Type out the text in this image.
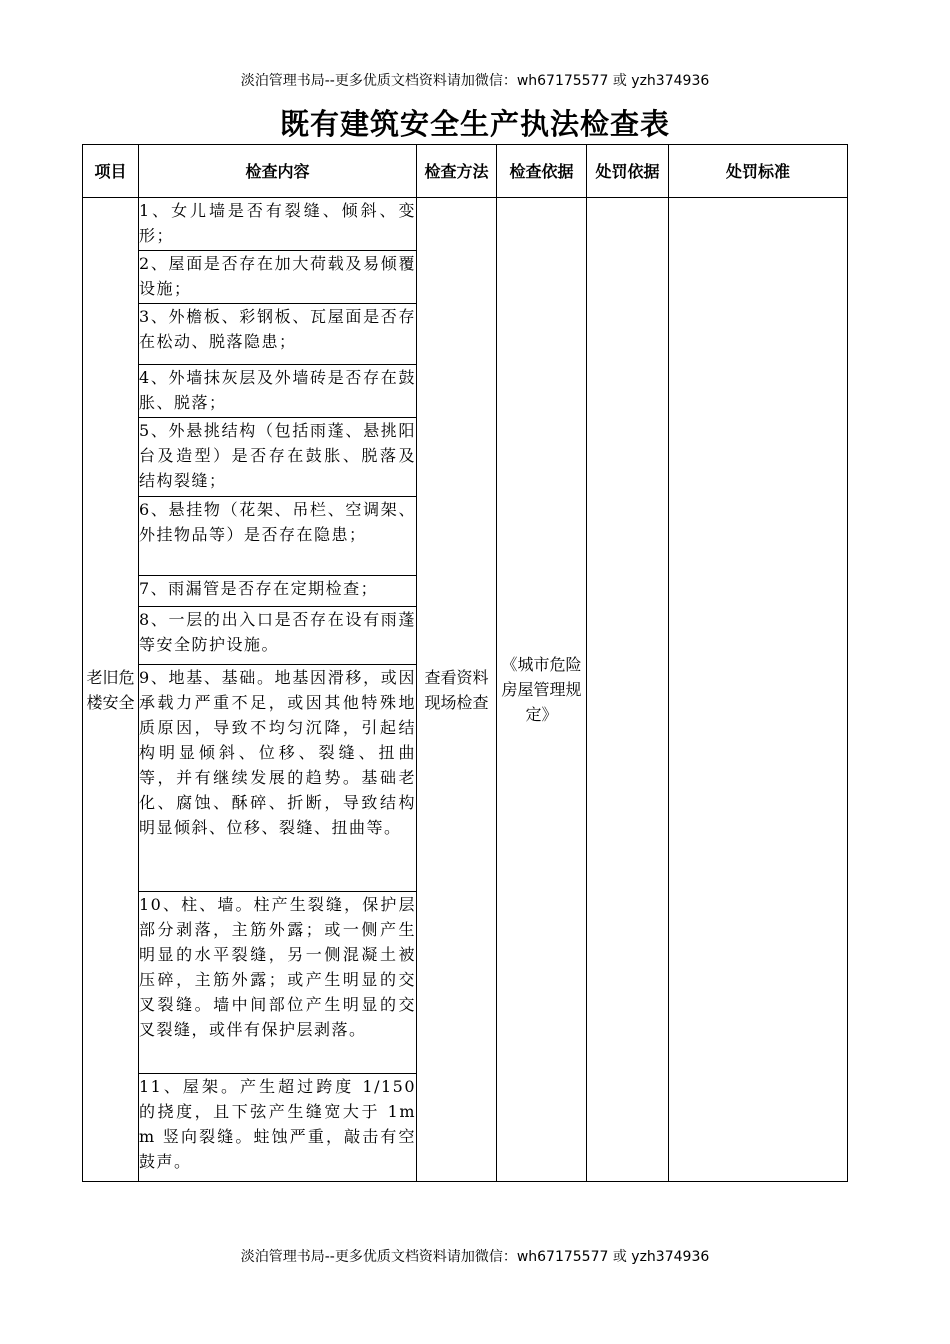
淡泊管理书局--更多优质文档资料请加微信：wh67175577 或 yzh374936
既有建筑安全生产执法检查表
项目	检查内容	检查方法	检查依据	处罚依据	处罚标准
老旧危楼安全	1、女儿墙是否有裂缝、倾斜、变形；	查看资料现场检查	《城市危险房屋管理规定》		
	2、屋面是否存在加大荷载及易倾覆设施；				
	3、外檐板、彩钢板、瓦屋面是否存在松动、脱落隐患；				
	4、外墙抹灰层及外墙砖是否存在鼓胀、脱落；				
	5、外悬挑结构（包括雨蓬、悬挑阳台及造型）是否存在鼓胀、脱落及结构裂缝；				
	6、悬挂物（花架、吊栏、空调架、外挂物品等）是否存在隐患；				
	7、雨漏管是否存在定期检查；				
	8、一层的出入口是否存在设有雨蓬等安全防护设施。				
	9、地基、基础。地基因滑移，或因承载力严重不足，或因其他特殊地质原因，导致不均匀沉降，引起结构明显倾斜、位移、裂缝、扭曲等，并有继续发展的趋势。基础老化、腐蚀、酥碎、折断，导致结构明显倾斜、位移、裂缝、扭曲等。				
	10、柱、墙。柱产生裂缝，保护层部分剥落，主筋外露；或一侧产生明显的水平裂缝，另一侧混凝土被压碎，主筋外露；或产生明显的交叉裂缝。墙中间部位产生明显的交叉裂缝，或伴有保护层剥落。				
	11、屋架。产生超过跨度 1/150 的挠度，且下弦产生缝宽大于 1mm 竖向裂缝。蛀蚀严重，敲击有空鼓声。				
淡泊管理书局--更多优质文档资料请加微信：wh67175577 或 yzh374936
